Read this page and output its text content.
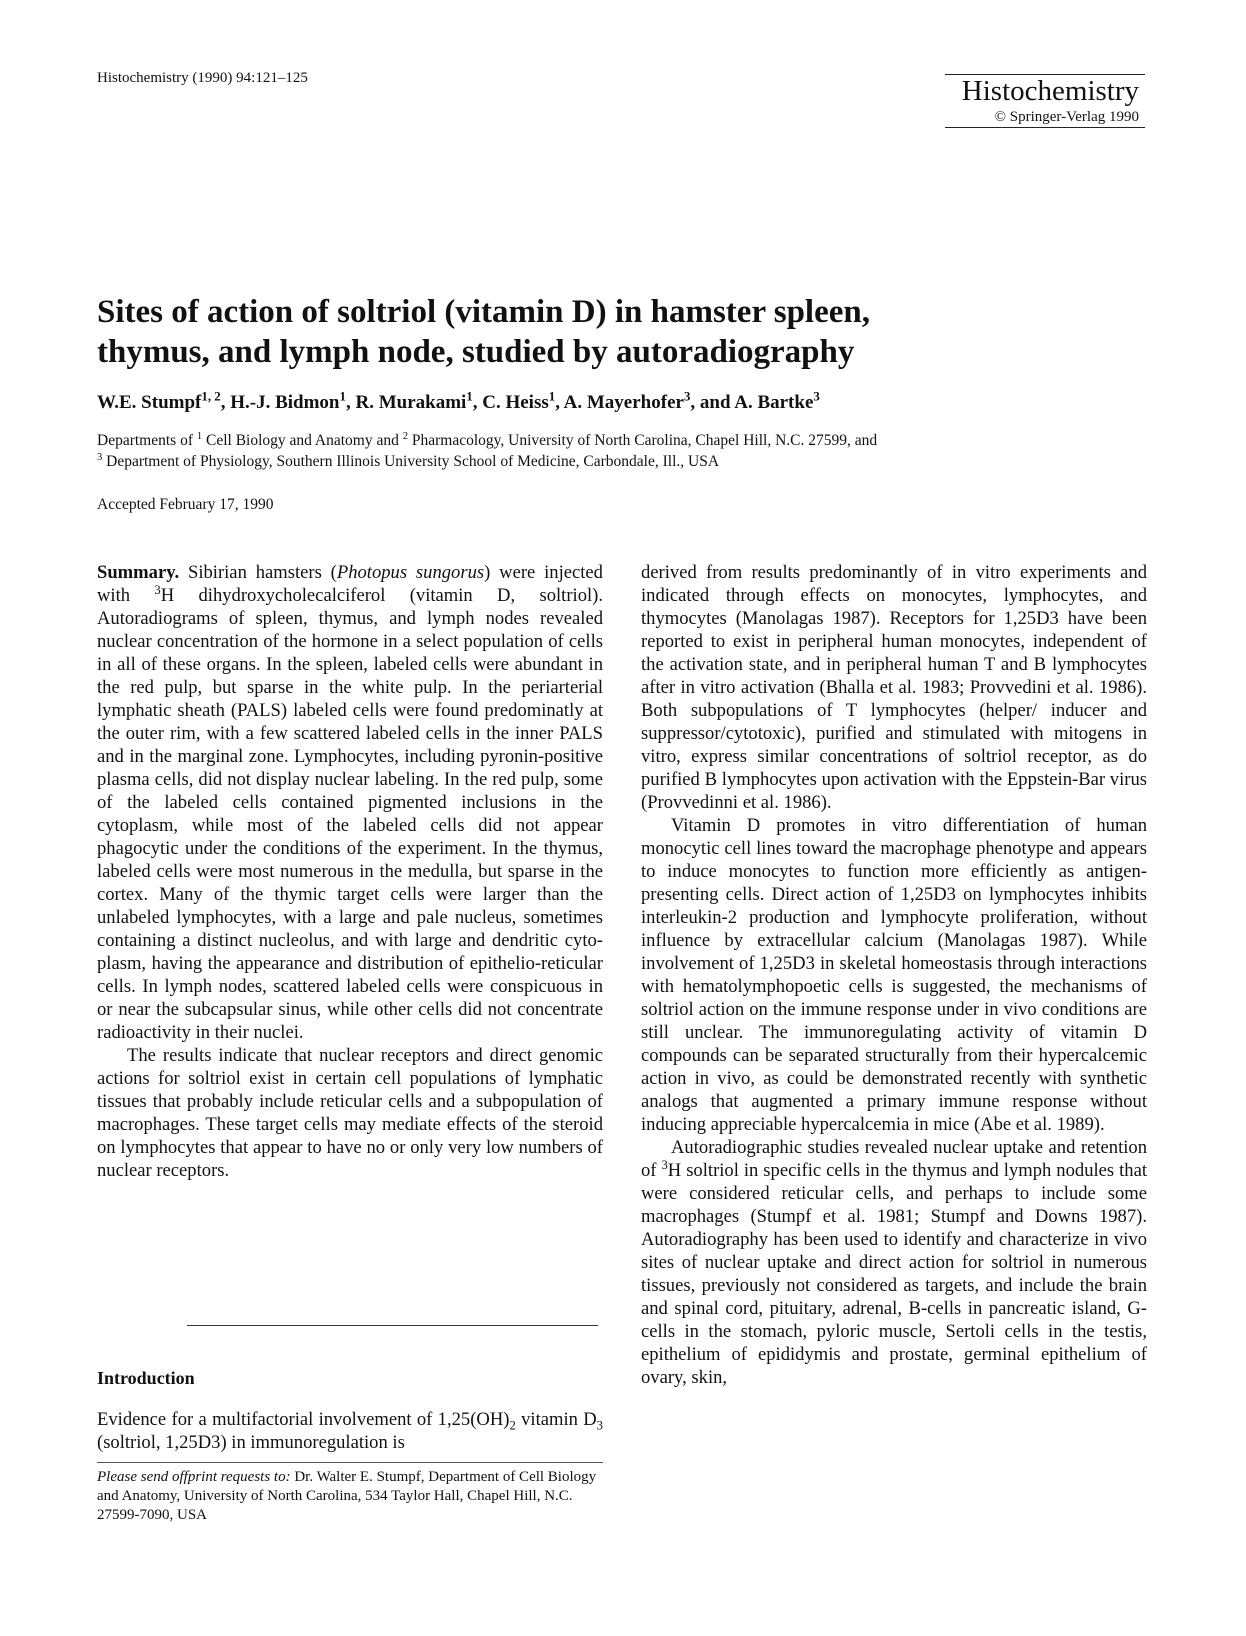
Histochemistry (1990) 94:121–125	Histochemistry
© Springer-Verlag 1990
Sites of action of soltriol (vitamin D) in hamster spleen,
thymus, and lymph node, studied by autoradiography
W.E. Stumpf$^{1, 2}$, H.-J. Bidmon$^1$, R. Murakami$^1$, C. Heiss$^1$, A. Mayerhofer$^3$, and A. Bartke$^3$
Departments of $^1$ Cell Biology and Anatomy and $^2$ Pharmacology, University of North Carolina, Chapel Hill, N.C. 27599, and
$^3$ Department of Physiology, Southern Illinois University School of Medicine, Carbondale, Ill., USA
Accepted February 17, 1990

Summary. Sibirian hamsters (Photopus sungorus) were injected with $^3$H dihydroxycholecalciferol (vitamin D, soltriol). Autoradiograms of spleen, thymus, and lymph nodes revealed nuclear concentration of the hormone in a select population of cells in all of these organs. In the spleen, labeled cells were abundant in the red pulp, but sparse in the white pulp. In the periarterial lymphatic sheath (PALS) labeled cells were found predominatly at the outer rim, with a few scattered labeled cells in the inner PALS and in the marginal zone. Lymphocytes, including pyronin-positive plasma cells, did not display nuclear labeling. In the red pulp, some of the labeled cells contained pigmented inclusions in the cytoplasm, while most of the labeled cells did not appear phagocytic under the conditions of the experiment. In the thymus, labeled cells were most numerous in the medulla, but sparse in the cortex. Many of the thymic target cells were larger than the unlabeled lymphocytes, with a large and pale nucleus, sometimes containing a distinct nucleolus, and with large and dendritic cytoplasm, having the appearance and distribution of epithelio-reticular cells. In lymph nodes, scattered labeled cells were conspicuous in or near the subcapsular sinus, while other cells did not concentrate radioactivity in their nuclei.

The results indicate that nuclear receptors and direct genomic actions for soltriol exist in certain cell populations of lymphatic tissues that probably include reticular cells and a subpopulation of macrophages. These target cells may mediate effects of the steroid on lymphocytes that appear to have no or only very low numbers of nuclear receptors.

Introduction
Evidence for a multifactorial involvement of $1,25(OH)_2$ vitamin $D_3$ (soltriol, 1,25D3) in immunoregulation is
Please send offprint requests to: Dr. Walter E. Stumpf, Department of Cell Biology and Anatomy, University of North Carolina, 534 Taylor Hall, Chapel Hill, N.C. 27599-7090, USA

derived from results predominantly of in vitro experiments and indicated through effects on monocytes, lymphocytes, and thymocytes (Manolagas 1987). Receptors for 1,25D3 have been reported to exist in peripheral human monocytes, independent of the activation state, and in peripheral human T and B lymphocytes after in vitro activation (Bhalla et al. 1983; Provvedini et al. 1986). Both subpopulations of T lymphocytes (helper/ inducer and suppressor/cytotoxic), purified and stimulated with mitogens in vitro, express similar concentrations of soltriol receptor, as do purified B lymphocytes upon activation with the Eppstein-Bar virus (Provvedinni et al. 1986).

Vitamin D promotes in vitro differentiation of human monocytic cell lines toward the macrophage phenotype and appears to induce monocytes to function more efficiently as antigen-presenting cells. Direct action of 1,25D3 on lymphocytes inhibits interleukin-2 production and lymphocyte proliferation, without influence by extracellular calcium (Manolagas 1987). While involvement of 1,25D3 in skeletal homeostasis through interactions with hematolymphopoetic cells is suggested, the mechanisms of soltriol action on the immune response under in vivo conditions are still unclear. The immunoregulating activity of vitamin D compounds can be separated structurally from their hypercalcemic action in vivo, as could be demonstrated recently with synthetic analogs that augmented a primary immune response without inducing appreciable hypercalcemia in mice (Abe et al. 1989).

Autoradiographic studies revealed nuclear uptake and retention of $^3$H soltriol in specific cells in the thymus and lymph nodules that were considered reticular cells, and perhaps to include some macrophages (Stumpf et al. 1981; Stumpf and Downs 1987). Autoradiography has been used to identify and characterize in vivo sites of nuclear uptake and direct action for soltriol in numerous tissues, previously not considered as targets, and include the brain and spinal cord, pituitary, adrenal, B-cells in pancreatic island, G-cells in the stomach, pyloric muscle, Sertoli cells in the testis, epithelium of epididymis and prostate, germinal epithelium of ovary, skin,
